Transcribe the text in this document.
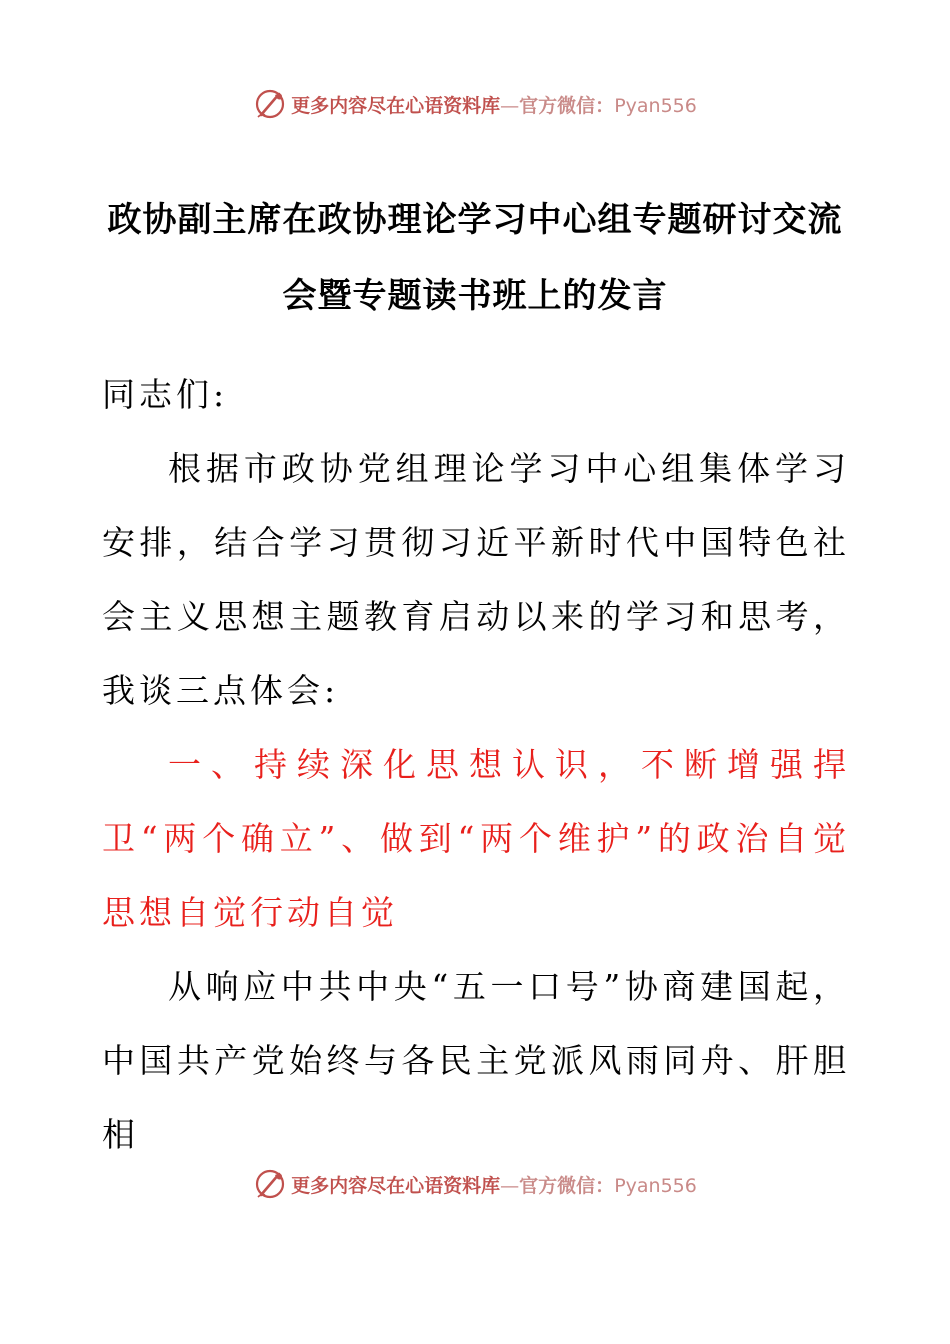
更多内容尽在心语资料库—官方微信：Pyan556
政协副主席在政协理论学习中心组专题研讨交流
会暨专题读书班上的发言

同志们:

根据市政协党组理论学习中心组集体学习安排，结合学习贯彻习近平新时代中国特色社会主义思想主题教育启动以来的学习和思考，我谈三点体会:

一、持续深化思想认识，不断增强捍卫“两个确立”、做到“两个维护”的政治自觉思想自觉行动自觉

从响应中共中央“五一口号”协商建国起，中国共产党始终与各民主党派风雨同舟、肝胆相

更多内容尽在心语资料库—官方微信：Pyan556
